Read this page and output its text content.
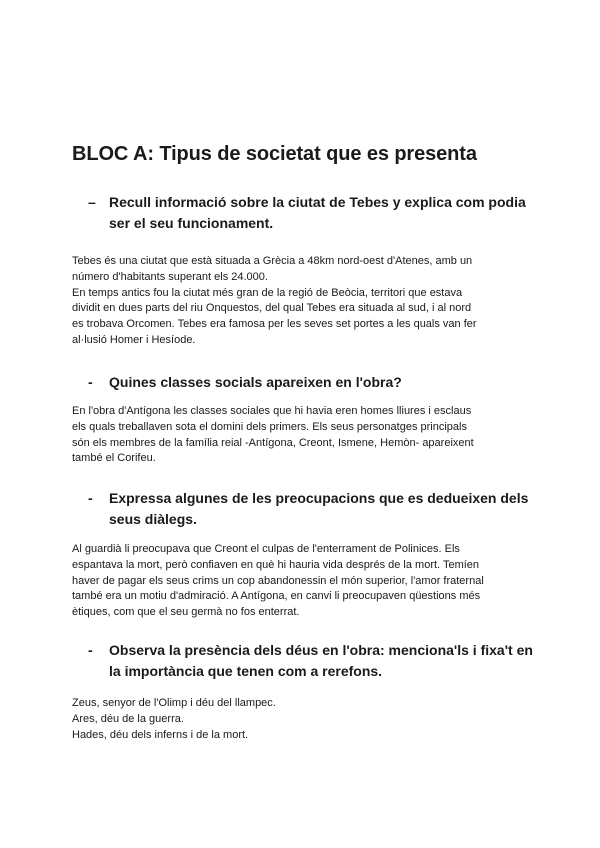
BLOC A: Tipus de societat que es presenta
– Recull informació sobre la ciutat de Tebes y explica com podia ser el seu funcionament.
Tebes és una ciutat que està situada a Grècia a 48km nord-oest d'Atenes, amb un
número d'habitants superant els 24.000.
En temps antics fou la ciutat més gran de la regió de Beòcia, territori que estava
dividit en dues parts del riu Onquestos, del qual Tebes era situada al sud, i al nord
es trobava Orcomen. Tebes era famosa per les seves set portes a les quals van fer
al·lusió Homer i Hesíode.
-	Quines classes socials apareixen en l'obra?
En l'obra d'Antígona les classes sociales que hi havia eren homes lliures i esclaus
els quals treballaven sota el domini dels primers. Els seus personatges principals
són els membres de la família reial -Antígona, Creont, Ismene, Hemòn- apareixent
també el Corifeu.
-	Expressa algunes de les preocupacions que es dedueixen dels seus diàlegs.
Al guardià li preocupava que Creont el culpas de l'enterrament de Polinices. Els
espantava la mort, però confiaven en què hi hauria vida després de la mort. Temíen
haver de pagar els seus crims un cop abandonessin el món superior, l'amor fraternal
també era un motiu d'admiració. A Antígona, en canvi li preocupaven qüestions més
ètiques, com que el seu germà no fos enterrat.
-	Observa la presència dels déus en l'obra: menciona'ls i fixa't en la importància que tenen com a rerefons.
Zeus, senyor de l'Olimp i déu del llampec.
Ares, déu de la guerra.
Hades, déu dels inferns i de la mort.
